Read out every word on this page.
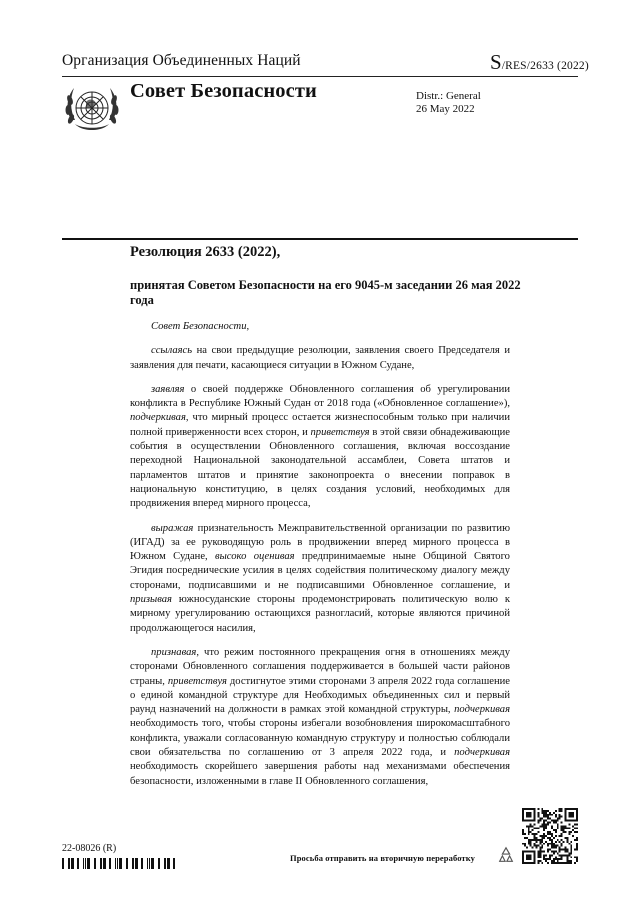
Организация Объединенных Наций	S/RES/2633 (2022)
Совет Безопасности	Distr.: General
26 May 2022
Резолюция 2633 (2022),
принятая Советом Безопасности на его 9045-м заседании 26 мая 2022 года

Совет Безопасности,

ссылаясь на свои предыдущие резолюции, заявления своего Председателя и заявления для печати, касающиеся ситуации в Южном Судане,

заявляя о своей поддержке Обновленного соглашения об урегулировании конфликта в Республике Южный Судан от 2018 года («Обновленное соглашение»), подчеркивая, что мирный процесс остается жизнеспособным только при наличии полной приверженности всех сторон, и приветствуя в этой связи обнадеживающие события в осуществлении Обновленного соглашения, включая воссоздание переходной Национальной законодательной ассамблеи, Совета штатов и парламентов штатов и принятие законопроекта о внесении поправок в национальную конституцию, в целях создания условий, необходимых для продвижения вперед мирного процесса,

выражая признательность Межправительственной организации по развитию (ИГАД) за ее руководящую роль в продвижении вперед мирного процесса в Южном Судане, высоко оценивая предпринимаемые ныне Общиной Святого Эгидия посреднические усилия в целях содействия политическому диалогу между сторонами, подписавшими и не подписавшими Обновленное соглашение, и призывая южносуданские стороны продемонстрировать политическую волю к мирному урегулированию остающихся разногласий, которые являются причиной продолжающегося насилия,

признавая, что режим постоянного прекращения огня в отношениях между сторонами Обновленного соглашения поддерживается в большей части районов страны, приветствуя достигнутое этими сторонами 3 апреля 2022 года соглашение о единой командной структуре для Необходимых объединенных сил и первый раунд назначений на должности в рамках этой командной структуры, подчеркивая необходимость того, чтобы стороны избегали возобновления широкомасштабного конфликта, уважали согласованную командную структуру и полностью соблюдали свои обязательства по соглашению от 3 апреля 2022 года, и подчеркивая необходимость скорейшего завершения работы над механизмами обеспечения безопасности, изложенными в главе II Обновленного соглашения,

22-08026 (R)
Просьба отправить на вторичную переработку
